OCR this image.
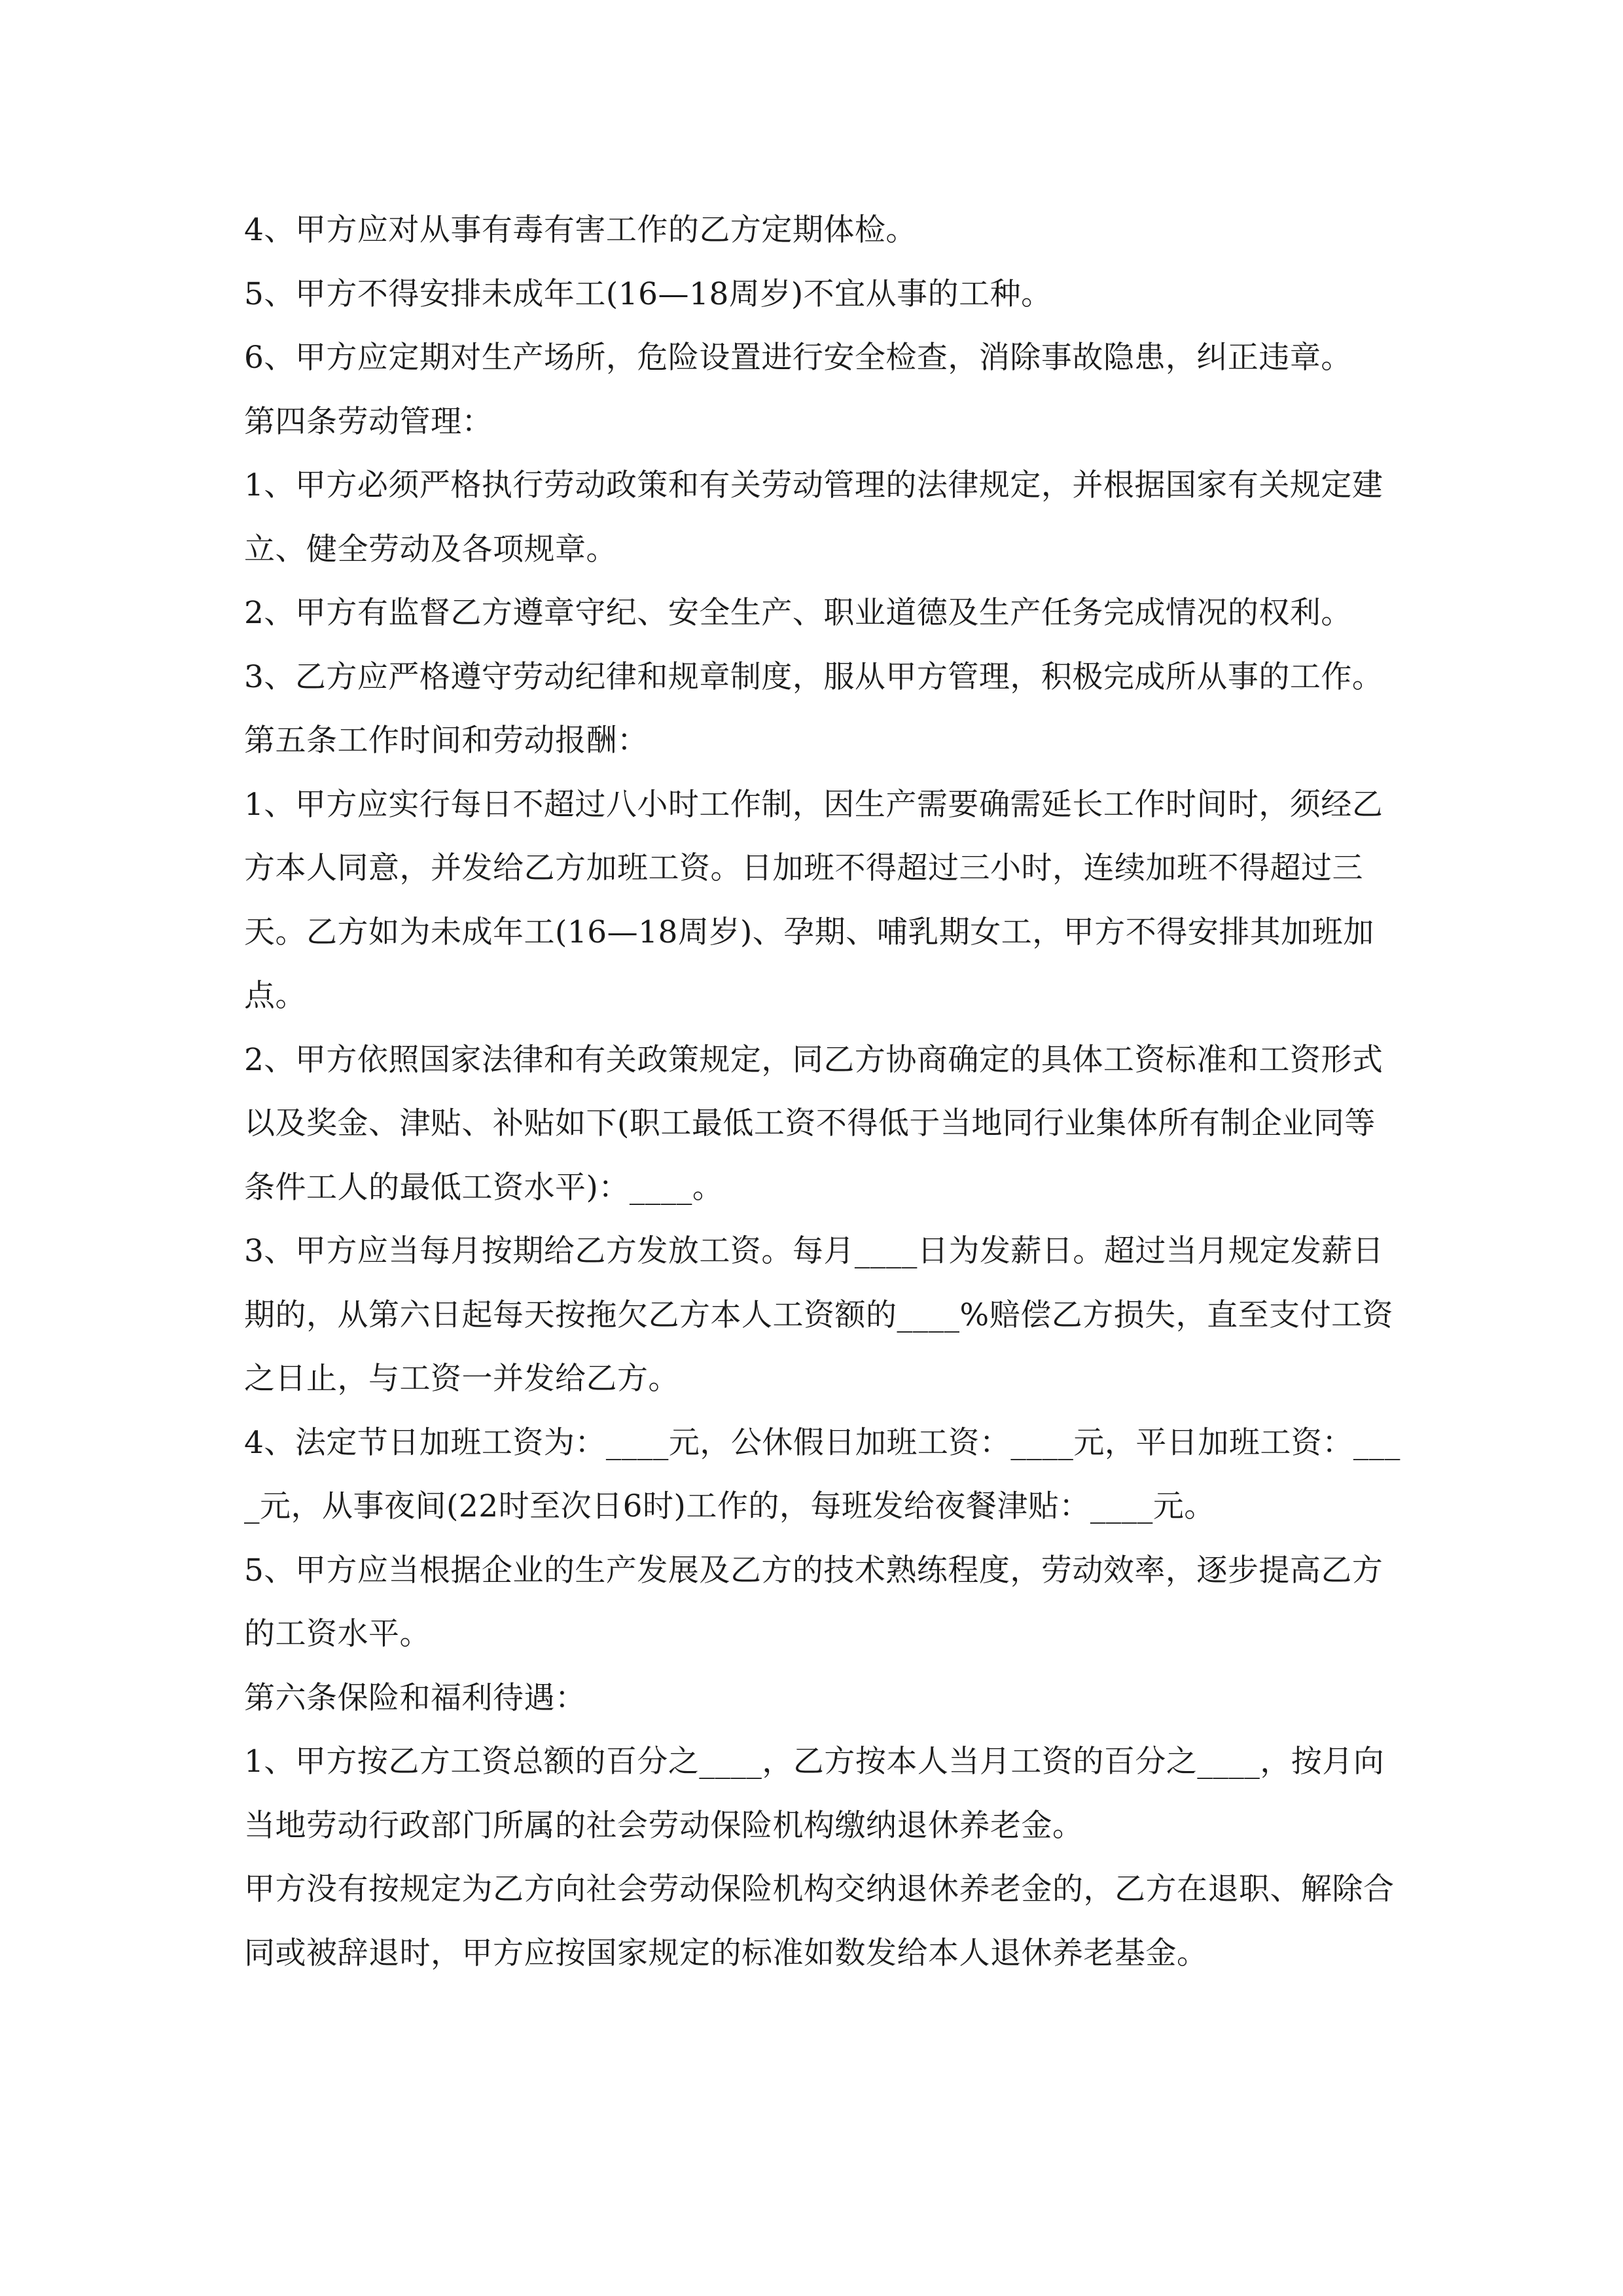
4、甲方应对从事有毒有害工作的乙方定期体检。

5、甲方不得安排未成年工(16—18周岁)不宜从事的工种。

6、甲方应定期对生产场所，危险设置进行安全检查，消除事故隐患，纠正违章。

第四条劳动管理：

1、甲方必须严格执行劳动政策和有关劳动管理的法律规定，并根据国家有关规定建立、健全劳动及各项规章。

2、甲方有监督乙方遵章守纪、安全生产、职业道德及生产任务完成情况的权利。

3、乙方应严格遵守劳动纪律和规章制度，服从甲方管理，积极完成所从事的工作。

第五条工作时间和劳动报酬：

1、甲方应实行每日不超过八小时工作制，因生产需要确需延长工作时间时，须经乙方本人同意，并发给乙方加班工资。日加班不得超过三小时，连续加班不得超过三天。乙方如为未成年工(16—18周岁)、孕期、哺乳期女工，甲方不得安排其加班加点。

2、甲方依照国家法律和有关政策规定，同乙方协商确定的具体工资标准和工资形式以及奖金、津贴、补贴如下(职工最低工资不得低于当地同行业集体所有制企业同等条件工人的最低工资水平)：____。

3、甲方应当每月按期给乙方发放工资。每月____日为发薪日。超过当月规定发薪日期的，从第六日起每天按拖欠乙方本人工资额的____%赔偿乙方损失，直至支付工资之日止，与工资一并发给乙方。

4、法定节日加班工资为：____元，公休假日加班工资：____元，平日加班工资：____元，从事夜间(22时至次日6时)工作的，每班发给夜餐津贴：____元。

5、甲方应当根据企业的生产发展及乙方的技术熟练程度，劳动效率，逐步提高乙方的工资水平。

第六条保险和福利待遇：

1、甲方按乙方工资总额的百分之____，乙方按本人当月工资的百分之____，按月向当地劳动行政部门所属的社会劳动保险机构缴纳退休养老金。

甲方没有按规定为乙方向社会劳动保险机构交纳退休养老金的，乙方在退职、解除合同或被辞退时，甲方应按国家规定的标准如数发给本人退休养老基金。
